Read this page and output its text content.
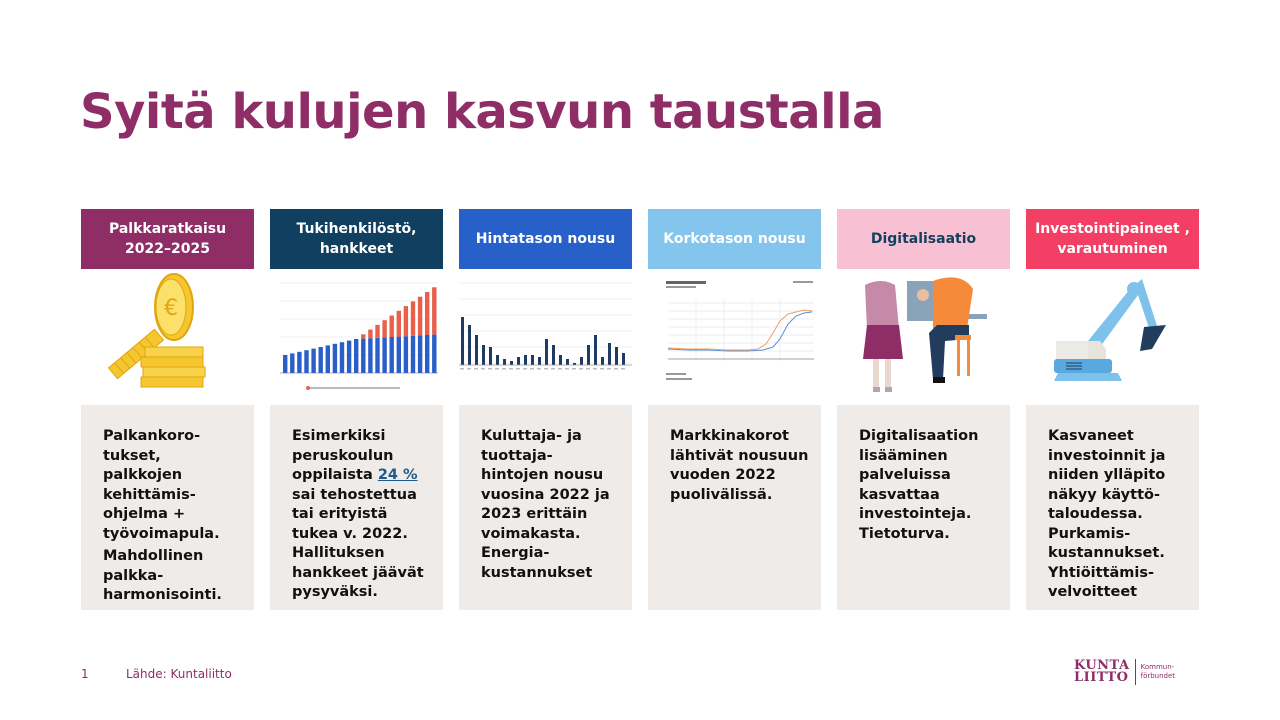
Syitä kulujen kasvun taustalla
Palkkaratkaisu 2022–2025
€

Palkankoro-tukset, palkkojen kehittämis-ohjelma + työvoimapula.

Mahdollinen palkka-harmonisointi.

Tukihenkilöstö, hankkeet

Esimerkiksi peruskoulun oppilaista 24 % sai tehostettua tai erityistä tukea v. 2022. Hallituksen hankkeet jäävät pysyväksi.

Hintatason nousu

Kuluttaja- ja tuottaja-hintojen nousu vuosina 2022 ja 2023 erittäin voimakasta. Energia-kustannukset

Korkotason nousu

Markkinakorot lähtivät nousuun vuoden 2022 puolivälissä.

Digitalisaatio

Digitalisaation lisääminen palveluissa kasvattaa investointeja. Tietoturva.

Investointipaineet , varautuminen

Kasvaneet investoinnit ja niiden ylläpito näkyy käyttö-taloudessa. Purkamis-kustannukset. Yhtiöittämis-velvoitteet

1	Lähde: Kuntaliitto
KUNTA
LIITTO
Kommun-
förbundet
